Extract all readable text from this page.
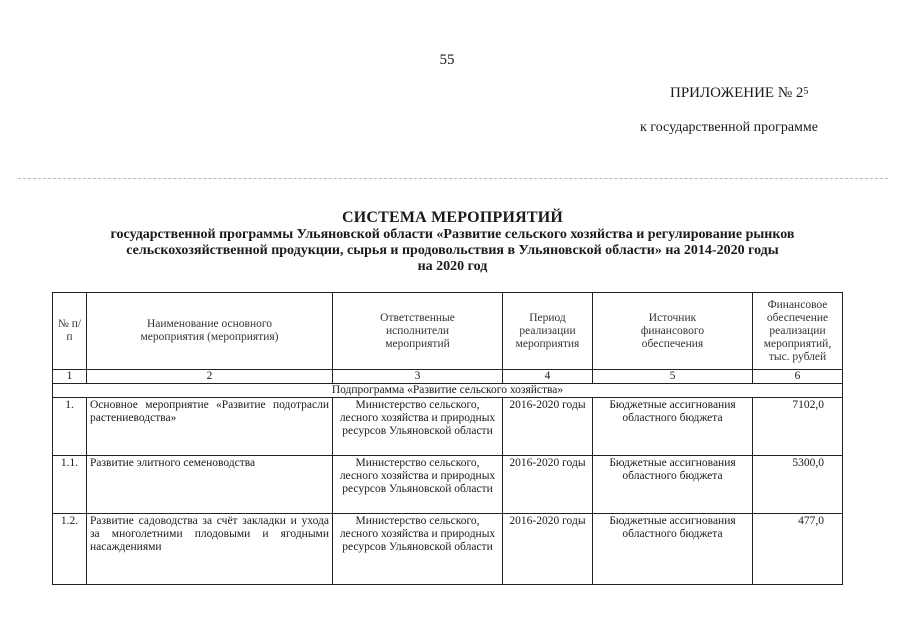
55
ПРИЛОЖЕНИЕ № $2^5$
к государственной программе
СИСТЕМА МЕРОПРИЯТИЙ
государственной программы Ульяновской области «Развитие сельского хозяйства и регулирование рынков
сельскохозяйственной продукции, сырья и продовольствия в Ульяновской области» на 2014-2020 годы
на 2020 год
№ п/п	Наименование основного мероприятия (мероприятия)	Ответственные исполнители мероприятий	Период реализации мероприятия	Источник финансового обеспечения	Финансовое обеспечение реализации мероприятий, тыс. рублей
1	2	3	4	5	6
Подпрограмма «Развитие сельского хозяйства»					
1.	Основное мероприятие «Развитие подотрасли растениеводства»	Министерство сельского, лесного хозяйства и природных ресурсов Ульяновской области	2016-2020 годы	Бюджетные ассигнования областного бюджета	7102,0
1.1.	Развитие элитного семеноводства	Министерство сельского, лесного хозяйства и природных ресурсов Ульяновской области	2016-2020 годы	Бюджетные ассигнования областного бюджета	5300,0
1.2.	Развитие садоводства за счёт закладки и ухода за многолетними плодовыми и ягодными насаждениями	Министерство сельского, лесного хозяйства и природных ресурсов Ульяновской области	2016-2020 годы	Бюджетные ассигнования областного бюджета	477,0
